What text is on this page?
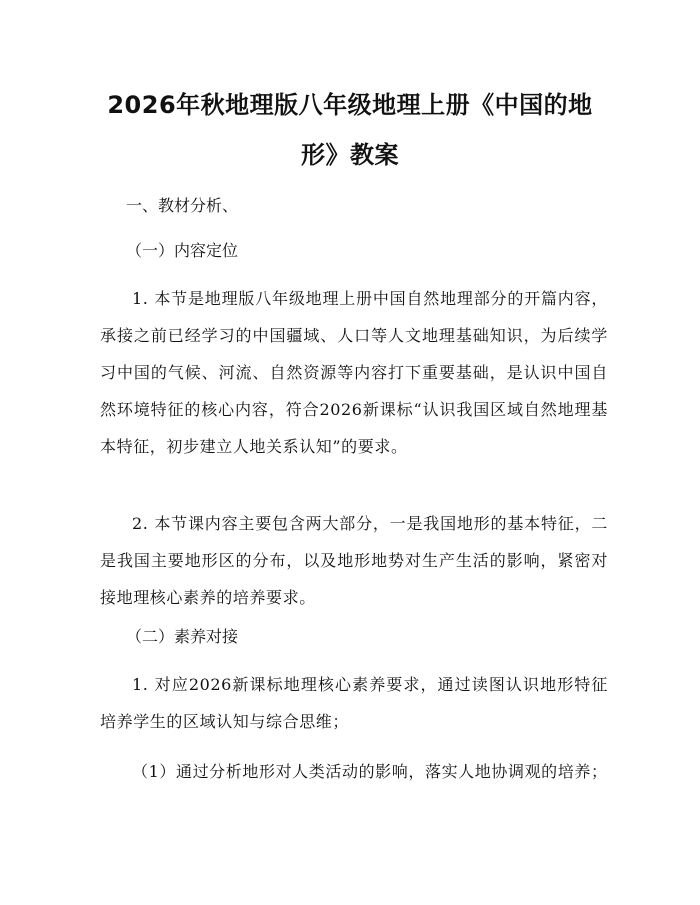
2026年秋地理版八年级地理上册《中国的地形》教案

一、教材分析、

（一）内容定位

1. 本节是地理版八年级地理上册中国自然地理部分的开篇内容，承接之前已经学习的中国疆域、人口等人文地理基础知识，为后续学习中国的气候、河流、自然资源等内容打下重要基础，是认识中国自然环境特征的核心内容，符合2026新课标“认识我国区域自然地理基本特征，初步建立人地关系认知”的要求。

2. 本节课内容主要包含两大部分，一是我国地形的基本特征，二是我国主要地形区的分布，以及地形地势对生产生活的影响，紧密对接地理核心素养的培养要求。

（二）素养对接

1. 对应2026新课标地理核心素养要求，通过读图认识地形特征培养学生的区域认知与综合思维；

（1）通过分析地形对人类活动的影响，落实人地协调观的培养；
